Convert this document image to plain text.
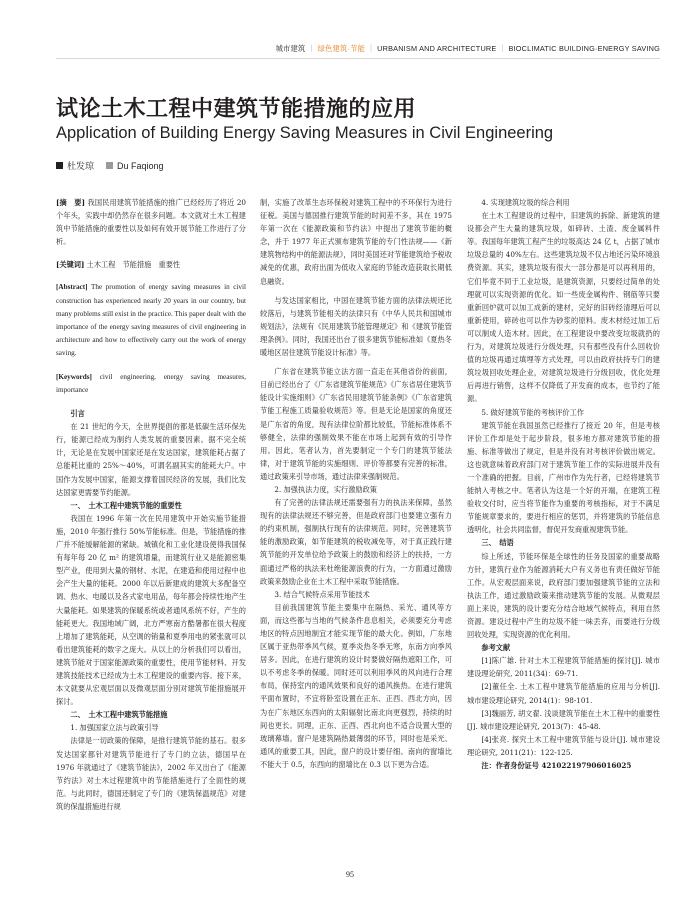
城市建筑 ｜ 绿色建筑·节能 ｜ URBANISM AND ARCHITECTURE ｜ BIOCLIMATIC BUILDING·ENERGY SAVING
试论土木工程中建筑节能措施的应用
Application of Building Energy Saving Measures in Civil Engineering
杜发琼	Du Faqiong

[摘　要] 我国民用建筑节能措施的推广已经经历了将近 20 个年头，实践中却仍然存在很多问题。本文就对土木工程建筑中节能措施的重要性以及如何有效开展节能工作进行了分析。

[关键词] 土木工程　节能措施　重要性

[Abstract] The promotion of energy saving measures in civil construction has experienced nearly 20 years in our country, but many problems still exist in the practice. This paper dealt with the importance of the energy saving measures of civil engineering in architecture and how to effectively carry out the work of energy saving.

[Keywords] civil engineering, energy saving measures, importance

引言

在 21 世纪的今天，全世界提倡的都是低碳生活环保先行，能源已经成为制约人类发展的重要因素。据不完全统计，无论是在发展中国家还是在发达国家，建筑能耗占据了总能耗比重的 25%～40%，可谓名副其实的能耗大户。中国作为发展中国家，能源支撑着国民经济的发展，我们比发达国家更需要节约能源。

一、　土木工程中建筑节能的重要性

我国在 1996 年第一次在民用建筑中开始实施节能措施，2010 年强行推行 50%节能标准。但是，节能措施的推广并不能缓解能源的紧缺。城镇化和工业化建设使得我国保有每年每 20 亿 m² 的建筑增量，而建筑行业又是能源密集型产业，使用到大量的钢材、水泥，在建造和使用过程中也会产生大量的能耗。2000 年以后新建成的建筑大多配备空调、热水、电暖以及各式家电用品，每年都会持续性地产生大量能耗。如果建筑的保暖系统或者通风系统不好，产生的能耗更大。我国地域广阔，北方严寒南方酷暑都在很大程度上增加了建筑能耗，从空调的销量和夏季用电的紧张就可以看出建筑能耗的数字之庞大。从以上的分析我们可以看出，建筑节能对于国家能源政策的重要性，使用节能材料、开发建筑技能技术已经成为土木工程建设的重要内容。接下来，本文就要从宏观层面以及微观层面分别对建筑节能措施展开探讨。

二、　土木工程中建筑节能措施

1. 加强国家立法与政策引导

法律是一切政策的保障，是推行建筑节能的基石。很多发达国家都针对建筑节能进行了专门的立法，德国早在 1976 年就通过了《建筑节能法》，2002 年又出台了《能源节约法》对土木过程建筑中的节能措施进行了全面性的规范。与此同时，德国还制定了专门的《建筑保温规范》对建筑的保温措施进行规

制，实施了改革生态环保税对建筑工程中的不环保行为进行征税。美国与德国推行建筑节能的时间差不多，其在 1975 年第一次在《能源政策和节约法》中提出了建筑节能的概念，并于 1977 年正式颁布建筑节能的专门性法规——《新建筑物结构中的能源法规》，同时美国还对节能建筑给予税收减免的优惠，政府出面为低收入家庭的节能改造获取长期低息融资。

与发达国家相比，中国在建筑节能方面的法律法规还比较落后，与建筑节能相关的法律只有《中华人民共和国城市规划法》，法规有《民用建筑节能管理规定》和《建筑节能管理条例》。同时，我国还出台了很多建筑节能标准如《夏热冬暖地区居住建筑节能设计标准》等。

广东省在建筑节能立法方面一直走在其他省份的前面，目前已经出台了《广东省建筑节能规范》《广东省居住建筑节能设计实施细则》《广东省民用建筑节能条例》《广东省建筑节能工程施工质量验收规范》等。但是无论是国家的角度还是广东省的角度，现有法律位阶都比较低，节能标准体系不够健全，法律的强制效果不能在市场上起到有效的引导作用。因此，笔者认为，首先要制定一个专门的建筑节能法律，对于建筑节能的实施细则、评价等都要有完善的标准，通过政策来引导市场，通过法律来强制规范。

2. 加强执法力度，实行激励政策

有了完善的法律法规还需要强有力的执法来保障，虽然现有的法律法规还不够完善，但是政府部门也要建立强有力的约束机制，强制执行现有的法律规范。同时，完善建筑节能的激励政策，如节能建筑的税收减免等，对于真正践行建筑节能的开发单位给予政策上的鼓励和经济上的扶持，一方面通过严格的执法来杜绝能源浪费的行为，一方面通过激励政策来鼓励企业在土木工程中采取节能措施。

3. 结合气候特点采用节能技术

目前我国建筑节能主要集中在隔热、采光、通风等方面，而这些都与当地的气候条件息息相关，必须要充分考虑地区的特点因地制宜才能实现节能的最大化。例如，广东地区属于亚热带季风气候，夏季炎热冬季无寒，东南方向季风居多。因此，在进行建筑的设计时要做好隔热遮阳工作，可以不考虑冬季的保暖。同时还可以利用季风的风向进行合理布局，保持室内的通风效果和良好的通风换热。在进行建筑平面布置时，不宜将卧室设置在正东、正西、西北方向，因为在广东地区东西向的太阳辐射比南北向更强烈，持续的时间也更长。同理，正东、正西、西北向也不适合设置大型的玻璃幕墙。窗户是建筑隔热最薄弱的环节，同时也是采光、通风的重要工具，因此，窗户的设计要仔细。南向的窗墙比不能大于 0.5，东西向的窗墙比在 0.3 以下更为合适。

4. 实现建筑垃圾的综合利用

在土木工程建设的过程中，旧建筑的拆除、新建筑的建设都会产生大量的建筑垃圾，如碎砖、土渣、废金属料件等。我国每年建筑工程产生的垃圾高达 24 亿 t，占据了城市垃圾总量的 40%左右。这些建筑垃圾不仅占地还污染环境浪费资源。其实，建筑垃圾有很大一部分都是可以再利用的，它们毕竟不同于工业垃圾，是建筑资源，只要经过简单的处理就可以实现资源的优化。如一些废金属构件、钢筋等只要重新回炉就可以加工成新的建材，完好的旧砖经清理后可以重新使用，碎砖也可以作为砂浆的原料。废木材经过加工后可以制成人造木材。因此，在工程建设中要改变垃圾就扔的行为，对建筑垃圾进行分级处理，只有那些没有什么回收价值的垃圾再通过填埋等方式处理，可以由政府扶持专门的建筑垃圾回收处理企业，对建筑垃圾进行分级回收，优化处理后再进行销售，这样不仅降低了开发商的成本，也节约了能源。

5. 做好建筑节能的考核评价工作

建筑节能在我国虽然已经推行了接近 20 年，但是考核评价工作却是处于起步阶段，很多地方都对建筑节能的措施、标准等做出了规定，但是并没有对考核评价做出规定。这也就意味着政府部门对于建筑节能工作的实际进展并没有一个准确的把握。目前，广州市作为先行者，已经将建筑节能纳入考核之中。笔者认为这是一个好的开端，在建筑工程验收交付时，应当将节能作为重要的考核指标，对于不满足节能规章要求的，要进行相应的惩罚，并将建筑的节能信息透明化，社会共同监督，督促开发商重视建筑节能。

三、　结语

综上所述，节能环保是全球性的任务及国家的重要战略方针，建筑行业作为能源消耗大户有义务也有责任做好节能工作。从宏观层面来说，政府部门要加强建筑节能的立法和执法工作，通过激励政策来推动建筑节能的发展。从微观层面上来说，建筑的设计要充分结合地域气候特点，利用自然资源。建设过程中产生的垃圾不能一味丢弃，而要进行分级回收处理，实现资源的优化利用。

参考文献

[1]陈广雄. 针对土木工程建筑节能措施的探讨[J]. 城市建设理论研究, 2011(34)：69-71.

[2]董任全. 土木工程中建筑节能措施的应用与分析[J]. 城市建设理论研究, 2014(1)：98-101.

[3]魏丽芳, 胡文翟. 浅谈建筑节能在土木工程中的重要性[J]. 城市建设理论研究, 2013(7)：45-48.

[4]张亮. 探究土木工程中建筑节能与设计[J]. 城市建设理论研究, 2011(21)：122-125.

注：作者身份证号 421022197906016025

95
